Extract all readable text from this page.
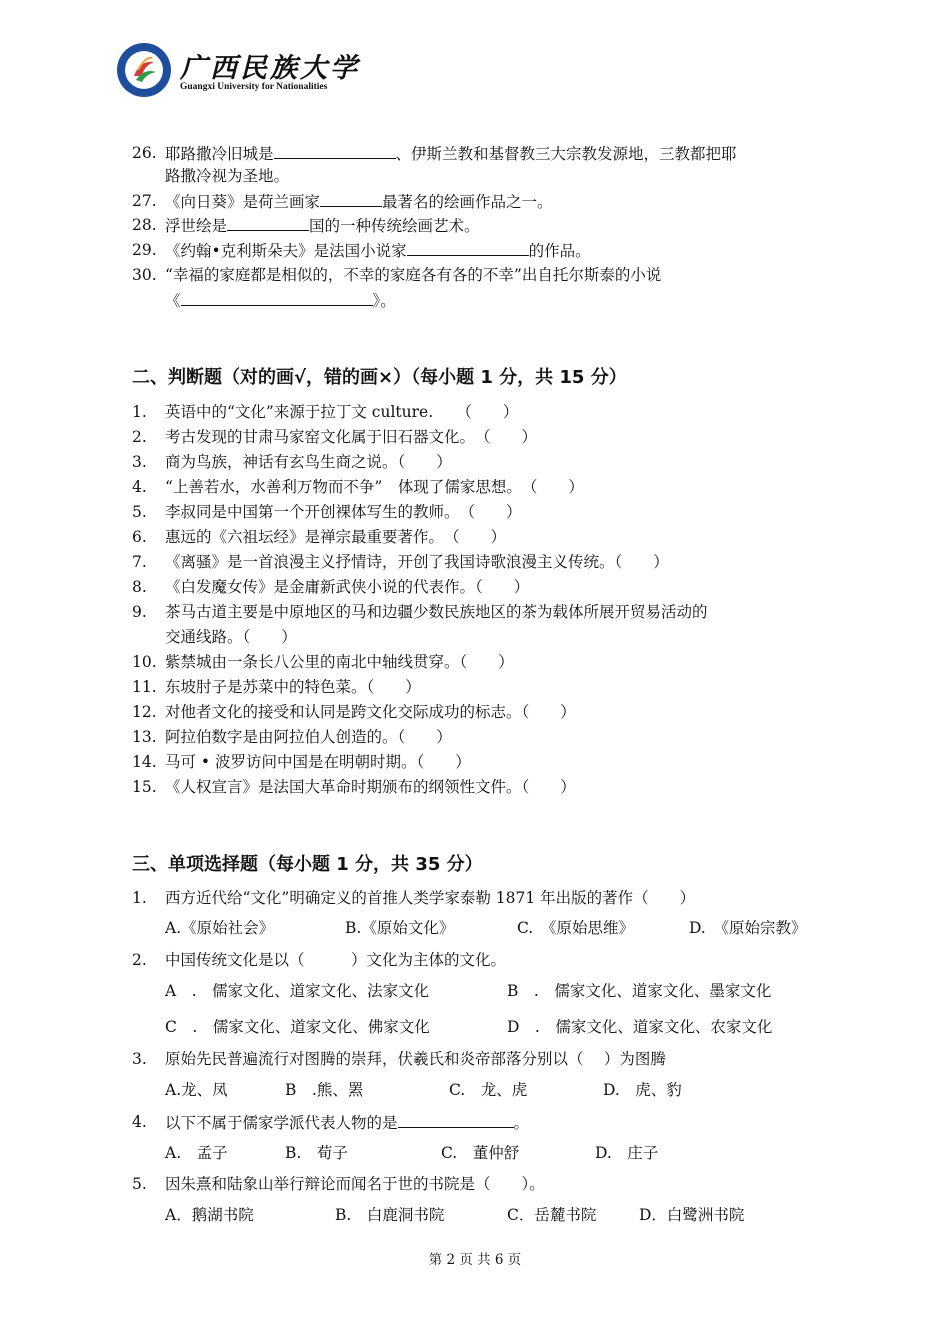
广西民族大学
Guangxi University for Nationalities
26. 耶路撒冷旧城是	、伊斯兰教和基督教三大宗教发源地，三教都把耶
路撒冷视为圣地。
27. 《向日葵》是荷兰画家	最著名的绘画作品之一。
28. 浮世绘是	国的一种传统绘画艺术。
29. 《约翰•克利斯朵夫》是法国小说家	的作品。
30. “幸福的家庭都是相似的，不幸的家庭各有各的不幸”出自托尔斯泰的小说
《	》。
二、判断题（对的画√，错的画×）（每小题 1 分，共 15 分）
1. 英语中的“文化”来源于拉丁文 culture.　　（　　）
2. 考古发现的甘肃马家窑文化属于旧石器文化。　（　　）
3. 商为鸟族，神话有玄鸟生商之说。（　　）
4. “上善若水，水善利万物而不争”　体现了儒家思想。　（　　）
5. 李叔同是中国第一个开创裸体写生的教师。　（　　）
6. 惠远的《六祖坛经》是禅宗最重要著作。　（　　）
7. 《离骚》是一首浪漫主义抒情诗，开创了我国诗歌浪漫主义传统。（　　）
8. 《白发魔女传》是金庸新武侠小说的代表作。（　　）
9. 茶马古道主要是中原地区的马和边疆少数民族地区的茶为载体所展开贸易活动的
交通线路。（　　）
10. 紫禁城由一条长八公里的南北中轴线贯穿。（　　）
11. 东坡肘子是苏菜中的特色菜。（　　）
12. 对他者文化的接受和认同是跨文化交际成功的标志。（　　）
13. 阿拉伯数字是由阿拉伯人创造的。（　　）
14. 马可 • 波罗访问中国是在明朝时期。（　　）
15. 《人权宣言》是法国大革命时期颁布的纲领性文件。（　　）
三、单项选择题（每小题 1 分，共 35 分）
1. 西方近代给“文化”明确定义的首推人类学家泰勒 1871 年出版的著作（　　）
A.《原始社会》	B.《原始文化》	C.　《原始思维》	D.　《原始宗教》
2. 中国传统文化是以（　　　）文化为主体的文化。
A　.　儒家文化、道家文化、法家文化	B　.　儒家文化、道家文化、墨家文化
C　.　儒家文化、道家文化、佛家文化	D　.　儒家文化、道家文化、农家文化
3. 原始先民普遍流行对图腾的崇拜，伏羲氏和炎帝部落分别以（　 ）为图腾
A.龙、凤	B　.熊、罴	C.　龙、虎	D.　虎、豹
4. 以下不属于儒家学派代表人物的是	。
A.　孟子	B.　荀子	C.　董仲舒	D.　庄子
5. 因朱熹和陆象山举行辩论而闻名于世的书院是（　　）。
A．鹅湖书院	B.　白鹿洞书院	C．岳麓书院	D．白鹭洲书院
第 2 页 共 6 页
